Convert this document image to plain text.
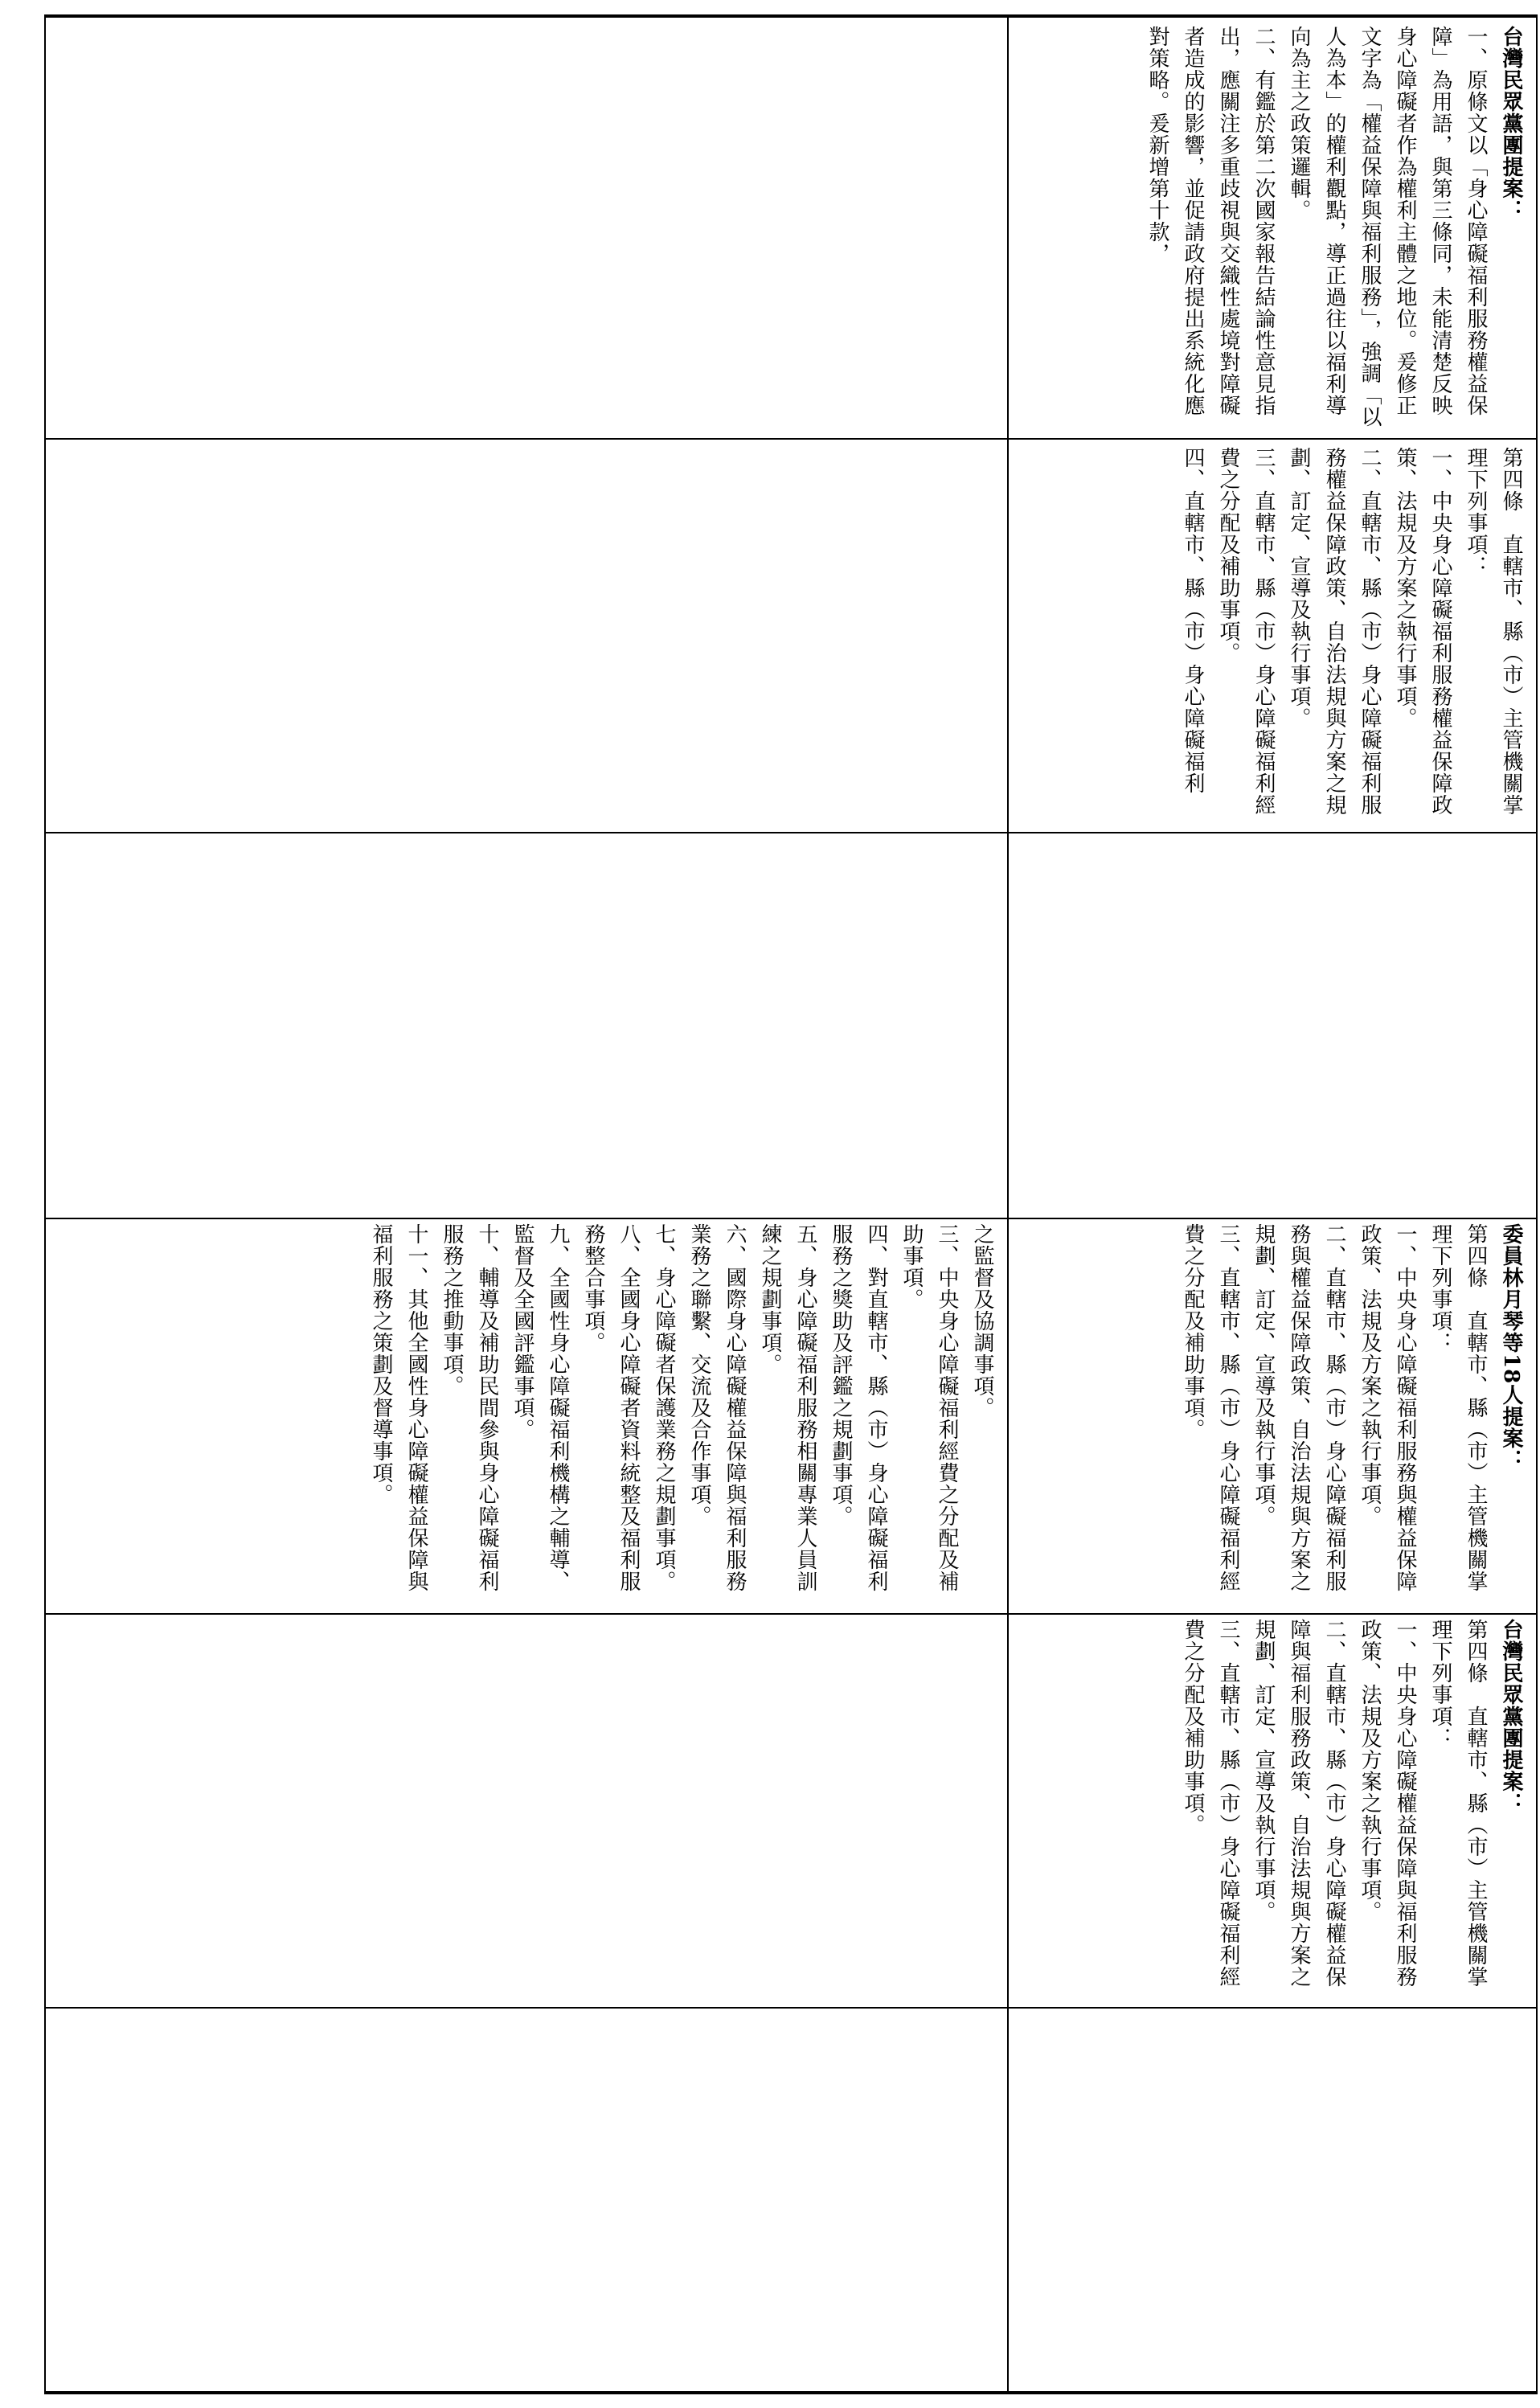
台灣民眾黨團提案：

一、原條文以「身心障礙福利服務權益保障」為用語，與第三條同，未能清楚反映身心障礙者作為權利主體之地位。爰修正文字為「權益保障與福利服務」，強調「以人為本」的權利觀點，導正過往以福利導向為主之政策邏輯。

二、有鑑於第二次國家報告結論性意見指出，應關注多重歧視與交織性處境對障礙者造成的影響，並促請政府提出系統化應對策略。爰新增第十款，

第四條　直轄市、縣（市）主管機關掌理下列事項：

一、中央身心障礙福利服務權益保障政策、法規及方案之執行事項。

二、直轄市、縣（市）身心障礙福利服務權益保障政策、自治法規與方案之規劃、訂定、宣導及執行事項。

三、直轄市、縣（市）身心障礙福利經費之分配及補助事項。

四、直轄市、縣（市）身心障礙福利

委員林月琴等18人提案：

第四條　直轄市、縣（市）主管機關掌理下列事項：

一、中央身心障礙福利服務與權益保障政策、法規及方案之執行事項。

二、直轄市、縣（市）身心障礙福利服務與權益保障政策、自治法規與方案之規劃、訂定、宣導及執行事項。

三、直轄市、縣（市）身心障礙福利經費之分配及補助事項。

之監督及協調事項。

三、中央身心障礙福利經費之分配及補助事項。

四、對直轄市、縣（市）身心障礙福利服務之獎助及評鑑之規劃事項。

五、身心障礙福利服務相關專業人員訓練之規劃事項。

六、國際身心障礙權益保障與福利服務業務之聯繫、交流及合作事項。

七、身心障礙者保護業務之規劃事項。

八、全國身心障礙者資料統整及福利服務整合事項。

九、全國性身心障礙福利機構之輔導、監督及全國評鑑事項。

十、輔導及補助民間參與身心障礙福利服務之推動事項。

十一、其他全國性身心障礙權益保障與福利服務之策劃及督導事項。

台灣民眾黨團提案：

第四條　直轄市、縣（市）主管機關掌理下列事項：

一、中央身心障礙權益保障與福利服務政策、法規及方案之執行事項。

二、直轄市、縣（市）身心障礙權益保障與福利服務政策、自治法規與方案之規劃、訂定、宣導及執行事項。

三、直轄市、縣（市）身心障礙福利經費之分配及補助事項。
